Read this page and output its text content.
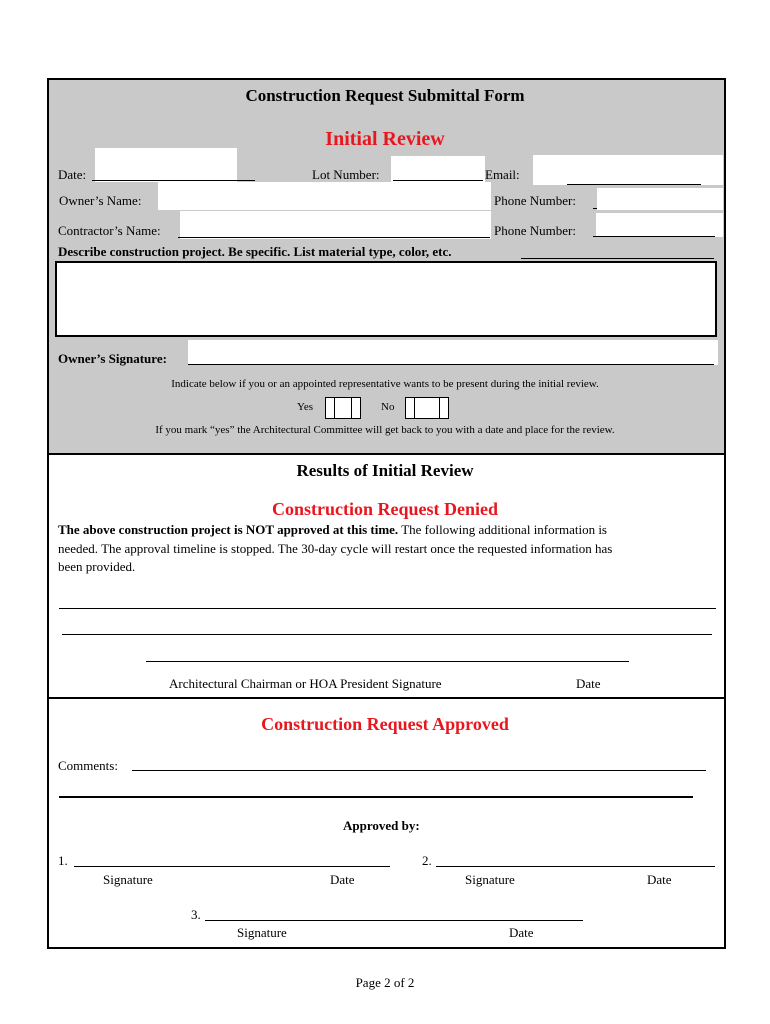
Construction Request Submittal Form
Initial Review
Date:	Lot Number:	Email:
Owner’s Name:	Phone Number:
Contractor’s Name:	Phone Number:
Describe construction project. Be specific. List material type, color, etc.
Owner’s Signature:
Indicate below if you or an appointed representative wants to be present during the initial review.
Yes	No
If you mark “yes” the Architectural Committee will get back to you with a date and place for the review.
Results of Initial Review
Construction Request Denied
The above construction project is NOT approved at this time. The following additional information is
needed. The approval timeline is stopped. The 30-day cycle will restart once the requested information has
been provided.
Architectural Chairman or HOA President Signature	Date
Construction Request Approved
Comments:
Approved by:
1.
Signature	Date
2.
Signature	Date
3.
Signature	Date
Page 2 of 2
